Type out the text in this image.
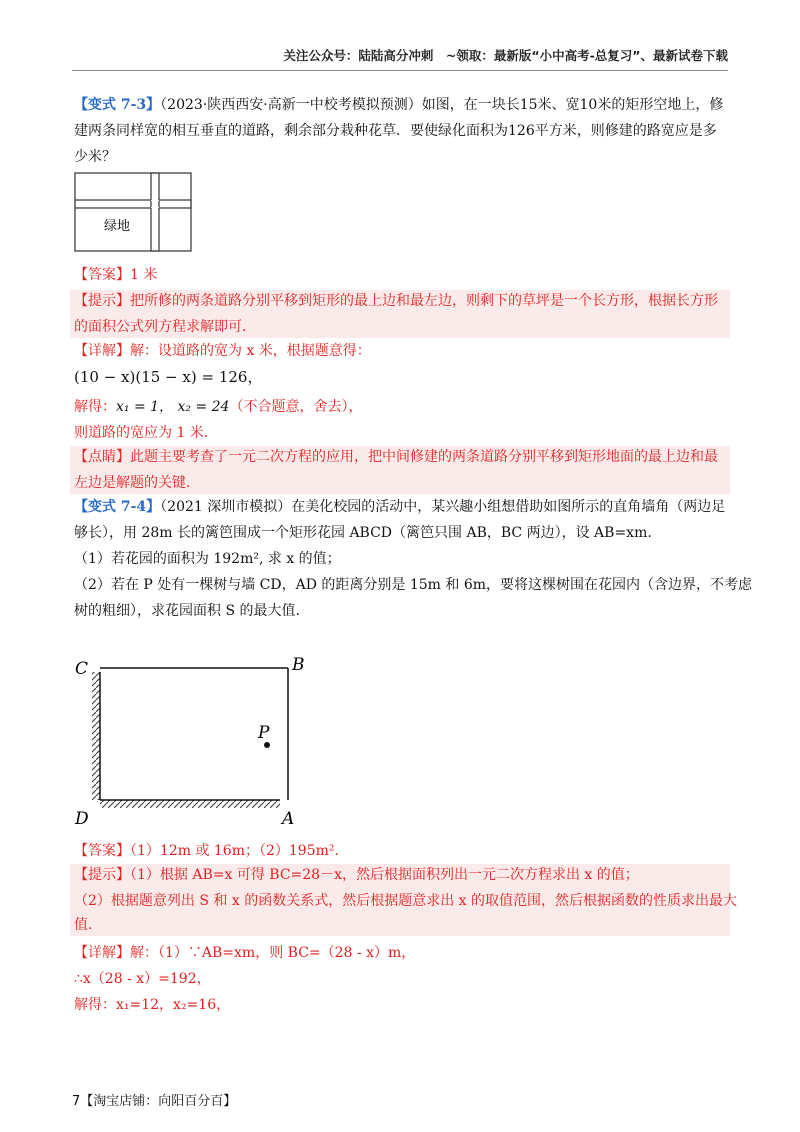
关注公众号：陆陆高分冲刺　~领取：最新版“小中高考-总复习”、最新试卷下载
【变式 7-3】（2023·陕西西安·高新一中校考模拟预测）如图，在一块长15米、宽10米的矩形空地上，修
建两条同样宽的相互垂直的道路，剩余部分栽种花草．要使绿化面积为126平方米，则修建的路宽应是多
少米？
绿地
【答案】1 米
【提示】把所修的两条道路分别平移到矩形的最上边和最左边，则剩下的草坪是一个长方形，根据长方形
的面积公式列方程求解即可．
【详解】解：设道路的宽为 x 米，根据题意得：
(10 − x)(15 − x) = 126，
解得：x₁ = 1， x₂ = 24（不合题意，舍去），
则道路的宽应为 1 米．
【点睛】此题主要考查了一元二次方程的应用，把中间修建的两条道路分别平移到矩形地面的最上边和最
左边是解题的关键．
【变式 7-4】（2021 深圳市模拟）在美化校园的活动中，某兴趣小组想借助如图所示的直角墙角（两边足
够长），用 28m 长的篱笆围成一个矩形花园 ABCD（篱笆只围 AB，BC 两边），设 AB=xm.
（1）若花园的面积为 192m², 求 x 的值；
（2）若在 P 处有一棵树与墙 CD，AD 的距离分别是 15m 和 6m，要将这棵树围在花园内（含边界，不考虑
树的粗细），求花园面积 S 的最大值.
C	B
P
D	A
【答案】（1）12m 或 16m；（2）195m².
【提示】（1）根据 AB=x 可得 BC=28－x，然后根据面积列出一元二次方程求出 x 的值；
（2）根据题意列出 S 和 x 的函数关系式，然后根据题意求出 x 的取值范围，然后根据函数的性质求出最大
值.
【详解】解：（1）∵AB=xm，则 BC=（28 - x）m，
∴x（28 - x）=192，
解得：x₁=12，x₂=16，
7【淘宝店铺：向阳百分百】
